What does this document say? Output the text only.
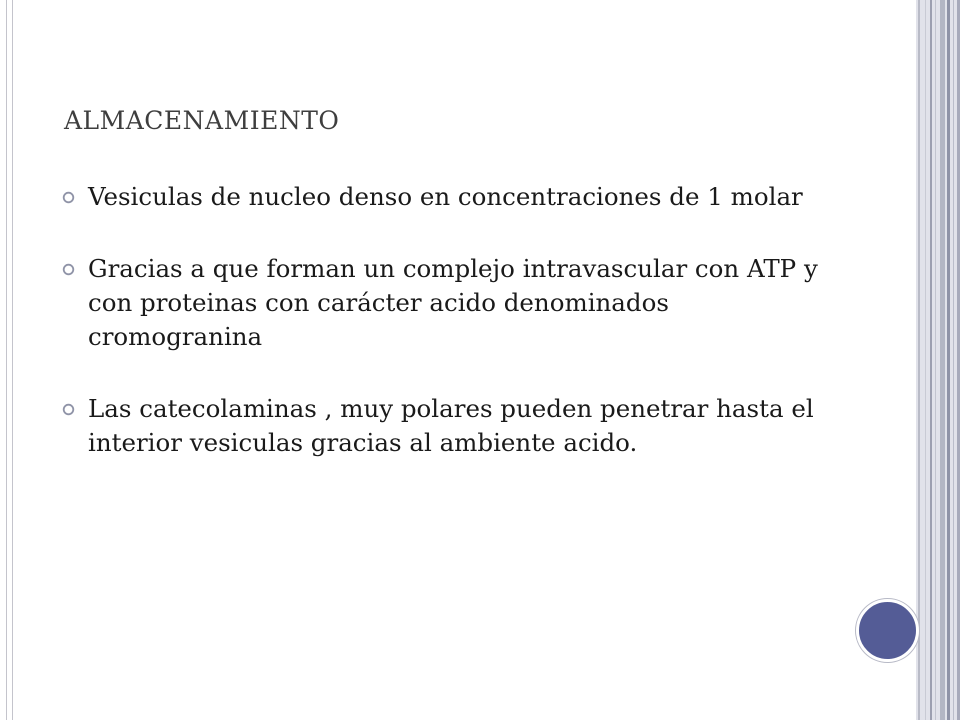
ALMACENAMIENTO
Vesiculas de nucleo denso en concentraciones de 1 molar
Gracias a que forman un complejo intravascular con ATP y con proteinas con carácter acido denominados cromogranina
Las catecolaminas , muy polares pueden penetrar hasta el interior vesiculas gracias al ambiente acido.
